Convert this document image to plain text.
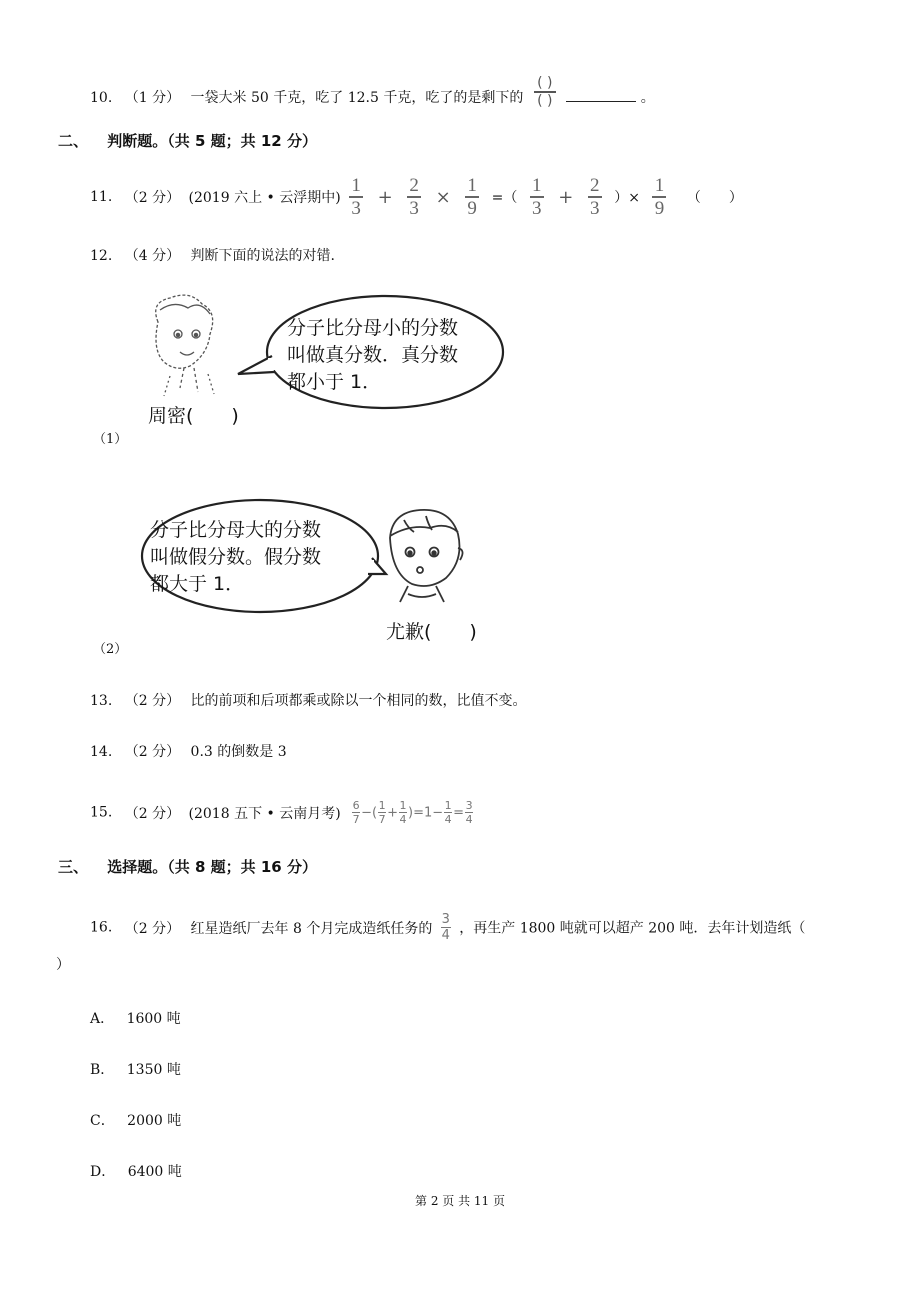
10. （1 分） 一袋大米 50 千克，吃了 12.5 千克，吃了的是剩下的
( )
( )	。
二、 判断题。（共 5 题；共 12 分）
11. （2 分） (2019 六上 • 云浮期中) $\frac{1}{3} + \frac{2}{3} \times \frac{1}{9}$ =（ $\frac{1}{3} + \frac{2}{3}$ ）× $\frac{1}{9}$ （　　）
12. （4 分） 判断下面的说法的对错.
分子比分母小的分数
叫做真分数．真分数
都小于 1．
周密(　　)
（1）
分子比分母大的分数
叫做假分数。假分数
都大于 1．
尤歉(　　)
（2）
13. （2 分） 比的前项和后项都乘或除以一个相同的数，比值不变。
14. （2 分） 0.3 的倒数是 3
15. （2 分） (2018 五下 • 云南月考) $\frac{6}{7}$ −( $\frac{1}{7} + \frac{1}{4} )=1- \frac{1}{4} = \frac{3}{4}$
三、 选择题。（共 8 题；共 16 分）
16. （2 分） 红星造纸厂去年 8 个月完成造纸任务的 $\frac{3}{4}$ ，再生产 1800 吨就可以超产 200 吨．去年计划造纸（
）
A． 1600 吨
B． 1350 吨
C． 2000 吨
D． 6400 吨
第 2 页 共 11 页
